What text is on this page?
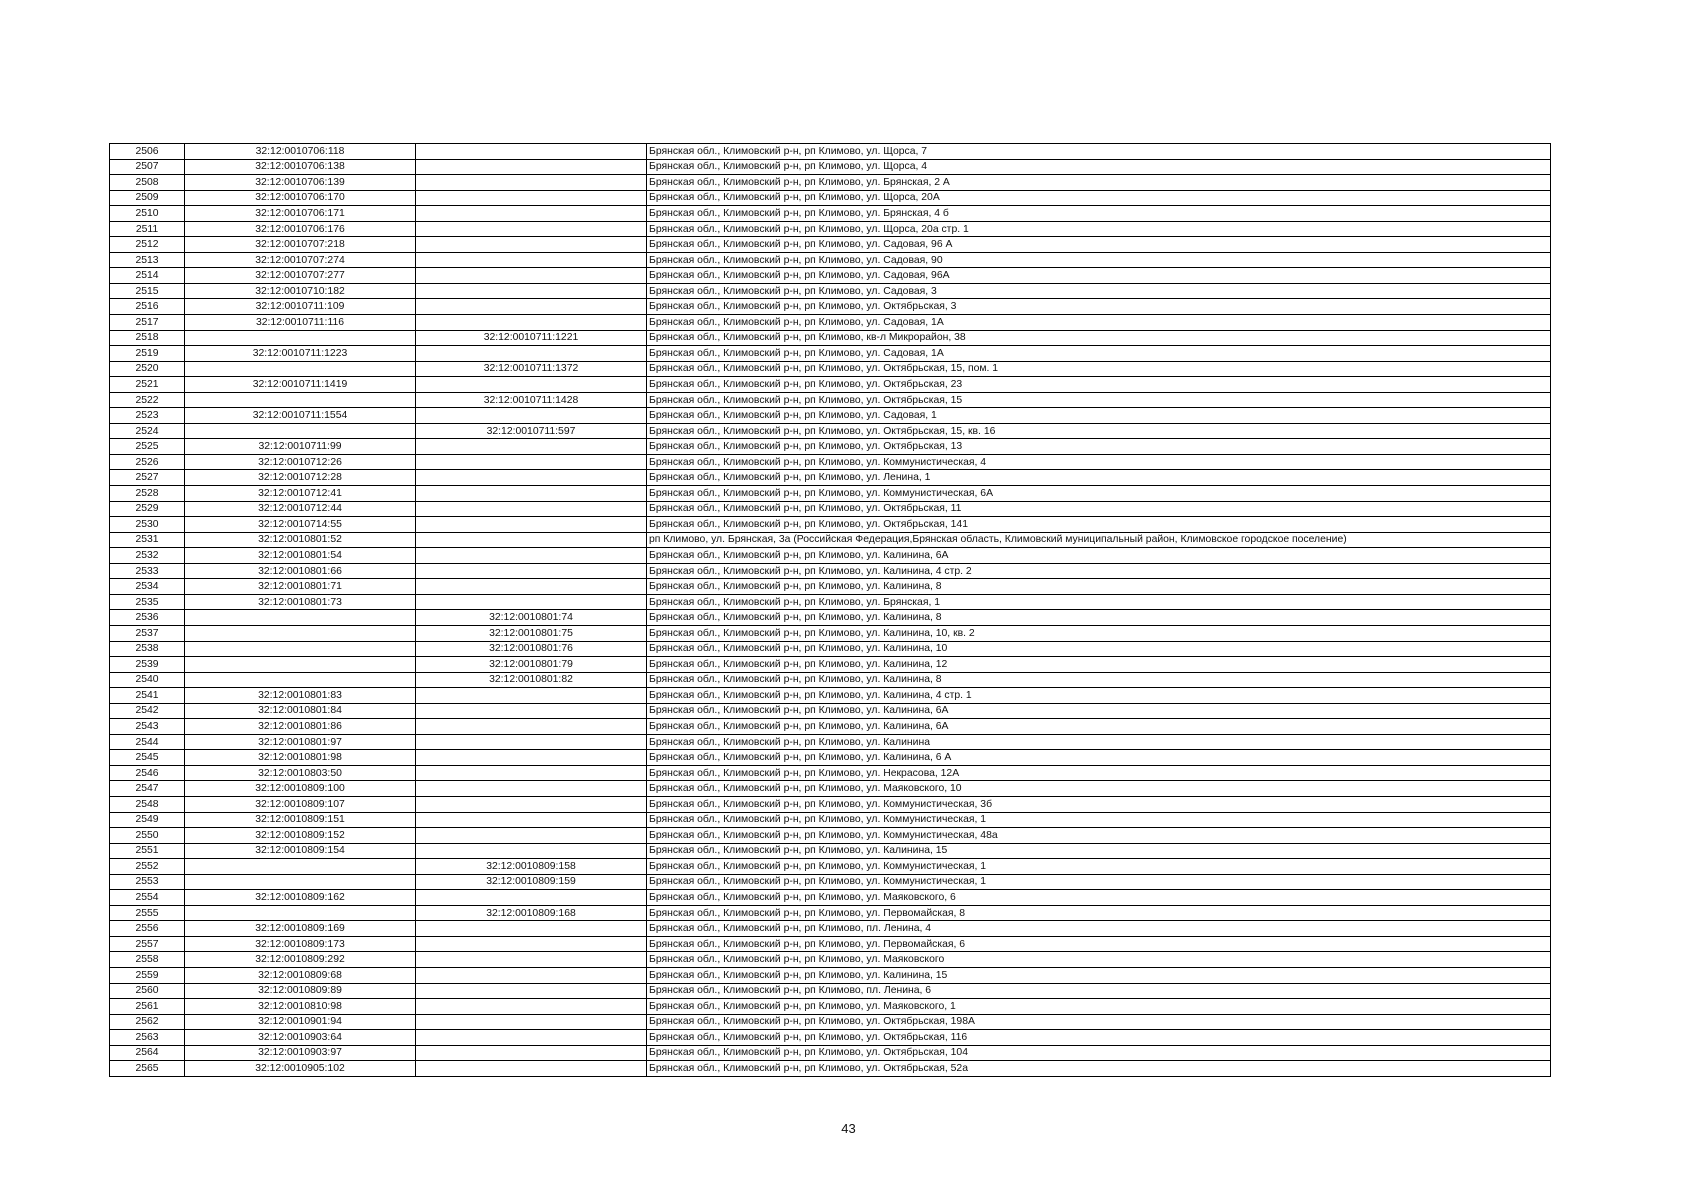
2506	32:12:0010706:118		Брянская обл., Климовский р-н, рп Климово, ул. Щорса, 7
2507	32:12:0010706:138		Брянская обл., Климовский р-н, рп Климово, ул. Щорса, 4
2508	32:12:0010706:139		Брянская обл., Климовский р-н, рп Климово, ул. Брянская, 2 А
2509	32:12:0010706:170		Брянская обл., Климовский р-н, рп Климово, ул. Щорса, 20А
2510	32:12:0010706:171		Брянская обл., Климовский р-н, рп Климово, ул. Брянская, 4 б
2511	32:12:0010706:176		Брянская обл., Климовский р-н, рп Климово, ул. Щорса, 20а стр. 1
2512	32:12:0010707:218		Брянская обл., Климовский р-н, рп Климово, ул. Садовая, 96 А
2513	32:12:0010707:274		Брянская обл., Климовский р-н, рп Климово, ул. Садовая, 90
2514	32:12:0010707:277		Брянская обл., Климовский р-н, рп Климово, ул. Садовая, 96А
2515	32:12:0010710:182		Брянская обл., Климовский р-н, рп Климово, ул. Садовая, 3
2516	32:12:0010711:109		Брянская обл., Климовский р-н, рп Климово, ул. Октябрьская, 3
2517	32:12:0010711:116		Брянская обл., Климовский р-н, рп Климово, ул. Садовая, 1А
2518		32:12:0010711:1221	Брянская обл., Климовский р-н, рп Климово, кв-л Микрорайон, 38
2519	32:12:0010711:1223		Брянская обл., Климовский р-н, рп Климово, ул. Садовая, 1А
2520		32:12:0010711:1372	Брянская обл., Климовский р-н, рп Климово, ул. Октябрьская, 15, пом. 1
2521	32:12:0010711:1419		Брянская обл., Климовский р-н, рп Климово, ул. Октябрьская, 23
2522		32:12:0010711:1428	Брянская обл., Климовский р-н, рп Климово, ул. Октябрьская, 15
2523	32:12:0010711:1554		Брянская обл., Климовский р-н, рп Климово, ул. Садовая, 1
2524		32:12:0010711:597	Брянская обл., Климовский р-н, рп Климово, ул. Октябрьская, 15, кв. 16
2525	32:12:0010711:99		Брянская обл., Климовский р-н, рп Климово, ул. Октябрьская, 13
2526	32:12:0010712:26		Брянская обл., Климовский р-н, рп Климово, ул. Коммунистическая, 4
2527	32:12:0010712:28		Брянская обл., Климовский р-н, рп Климово, ул. Ленина, 1
2528	32:12:0010712:41		Брянская обл., Климовский р-н, рп Климово, ул. Коммунистическая, 6А
2529	32:12:0010712:44		Брянская обл., Климовский р-н, рп Климово, ул. Октябрьская, 11
2530	32:12:0010714:55		Брянская обл., Климовский р-н, рп Климово, ул. Октябрьская, 141
2531	32:12:0010801:52		рп Климово, ул. Брянская, 3а (Российская Федерация,Брянская область, Климовский муниципальный район, Климовское городское поселение)
2532	32:12:0010801:54		Брянская обл., Климовский р-н, рп Климово, ул. Калинина, 6А
2533	32:12:0010801:66		Брянская обл., Климовский р-н, рп Климово, ул. Калинина, 4 стр. 2
2534	32:12:0010801:71		Брянская обл., Климовский р-н, рп Климово, ул. Калинина, 8
2535	32:12:0010801:73		Брянская обл., Климовский р-н, рп Климово, ул. Брянская, 1
2536		32:12:0010801:74	Брянская обл., Климовский р-н, рп Климово, ул. Калинина, 8
2537		32:12:0010801:75	Брянская обл., Климовский р-н, рп Климово, ул. Калинина, 10, кв. 2
2538		32:12:0010801:76	Брянская обл., Климовский р-н, рп Климово, ул. Калинина, 10
2539		32:12:0010801:79	Брянская обл., Климовский р-н, рп Климово, ул. Калинина, 12
2540		32:12:0010801:82	Брянская обл., Климовский р-н, рп Климово, ул. Калинина, 8
2541	32:12:0010801:83		Брянская обл., Климовский р-н, рп Климово, ул. Калинина, 4 стр. 1
2542	32:12:0010801:84		Брянская обл., Климовский р-н, рп Климово, ул. Калинина, 6А
2543	32:12:0010801:86		Брянская обл., Климовский р-н, рп Климово, ул. Калинина, 6А
2544	32:12:0010801:97		Брянская обл., Климовский р-н, рп Климово, ул. Калинина
2545	32:12:0010801:98		Брянская обл., Климовский р-н, рп Климово, ул. Калинина, 6 А
2546	32:12:0010803:50		Брянская обл., Климовский р-н, рп Климово, ул. Некрасова, 12А
2547	32:12:0010809:100		Брянская обл., Климовский р-н, рп Климово, ул. Маяковского, 10
2548	32:12:0010809:107		Брянская обл., Климовский р-н, рп Климово, ул. Коммунистическая, 3б
2549	32:12:0010809:151		Брянская обл., Климовский р-н, рп Климово, ул. Коммунистическая, 1
2550	32:12:0010809:152		Брянская обл., Климовский р-н, рп Климово, ул. Коммунистическая, 48а
2551	32:12:0010809:154		Брянская обл., Климовский р-н, рп Климово, ул. Калинина, 15
2552		32:12:0010809:158	Брянская обл., Климовский р-н, рп Климово, ул. Коммунистическая, 1
2553		32:12:0010809:159	Брянская обл., Климовский р-н, рп Климово, ул. Коммунистическая, 1
2554	32:12:0010809:162		Брянская обл., Климовский р-н, рп Климово, ул. Маяковского, 6
2555		32:12:0010809:168	Брянская обл., Климовский р-н, рп Климово, ул. Первомайская, 8
2556	32:12:0010809:169		Брянская обл., Климовский р-н, рп Климово, пл. Ленина, 4
2557	32:12:0010809:173		Брянская обл., Климовский р-н, рп Климово, ул. Первомайская, 6
2558	32:12:0010809:292		Брянская обл., Климовский р-н, рп Климово, ул. Маяковского
2559	32:12:0010809:68		Брянская обл., Климовский р-н, рп Климово, ул. Калинина, 15
2560	32:12:0010809:89		Брянская обл., Климовский р-н, рп Климово, пл. Ленина, 6
2561	32:12:0010810:98		Брянская обл., Климовский р-н, рп Климово, ул. Маяковского, 1
2562	32:12:0010901:94		Брянская обл., Климовский р-н, рп Климово, ул. Октябрьская, 198А
2563	32:12:0010903:64		Брянская обл., Климовский р-н, рп Климово, ул. Октябрьская, 116
2564	32:12:0010903:97		Брянская обл., Климовский р-н, рп Климово, ул. Октябрьская, 104
2565	32:12:0010905:102		Брянская обл., Климовский р-н, рп Климово, ул. Октябрьская, 52а
43
